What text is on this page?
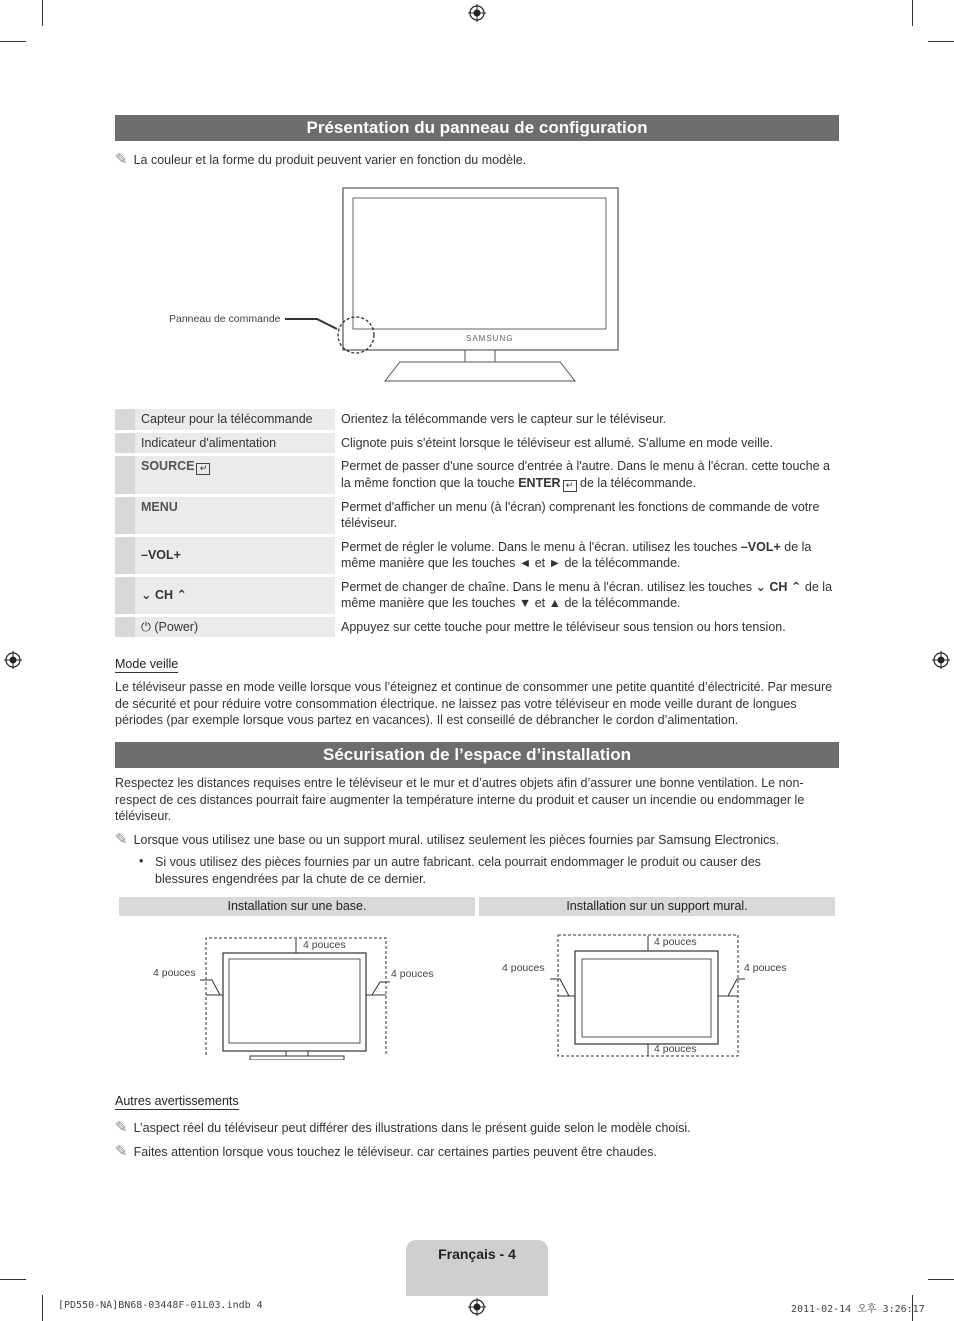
Présentation du panneau de configuration
✎ La couleur et la forme du produit peuvent varier en fonction du modèle.
SAMSUNG
Panneau de commande
	Capteur pour la télécommande	Orientez la télécommande vers le capteur sur le téléviseur.
	Indicateur d'alimentation	Clignote puis s'éteint lorsque le téléviseur est allumé. S'allume en mode veille.
	SOURCE ↵	Permet de passer d'une source d'entrée à l'autre. Dans le menu à l'écran. cette touche a la même fonction que la touche ENTER ↵ de la télécommande.
	MENU	Permet d'afficher un menu (à l'écran) comprenant les fonctions de commande de votre téléviseur.
	–VOL+	Permet de régler le volume. Dans le menu à l'écran. utilisez les touches –VOL+ de la même manière que les touches ◄ et ► de la télécommande.
	⌄ CH ⌃	Permet de changer de chaîne. Dans le menu à l'écran. utilisez les touches ⌄ CH ⌃ de la même manière que les touches ▼ et ▲ de la télécommande.
	⏻ (Power)	Appuyez sur cette touche pour mettre le téléviseur sous tension ou hors tension.
Mode veille
Le téléviseur passe en mode veille lorsque vous l’éteignez et continue de consommer une petite quantité d’électricité. Par mesure de sécurité et pour réduire votre consommation électrique. ne laissez pas votre téléviseur en mode veille durant de longues périodes (par exemple lorsque vous partez en vacances). Il est conseillé de débrancher le cordon d’alimentation.
Sécurisation de l’espace d’installation
Respectez les distances requises entre le téléviseur et le mur et d’autres objets afin d’assurer une bonne ventilation. Le non-respect de ces distances pourrait faire augmenter la température interne du produit et causer un incendie ou endommager le téléviseur.
✎ Lorsque vous utilisez une base ou un support mural. utilisez seulement les pièces fournies par Samsung Electronics.
• Si vous utilisez des pièces fournies par un autre fabricant. cela pourrait endommager le produit ou causer des blessures engendrées par la chute de ce dernier.
Installation sur une base.	Installation sur un support mural.
4 pouces
4 pouces	4 pouces
4 pouces
4 pouces	4 pouces
4 pouces
Autres avertissements
✎ L’aspect réel du téléviseur peut différer des illustrations dans le présent guide selon le modèle choisi.
✎ Faites attention lorsque vous touchez le téléviseur. car certaines parties peuvent être chaudes.
Français - 4
[PD550-NA]BN68-03448F-01L03.indb 4	2011-02-14 오후 3:26:17
